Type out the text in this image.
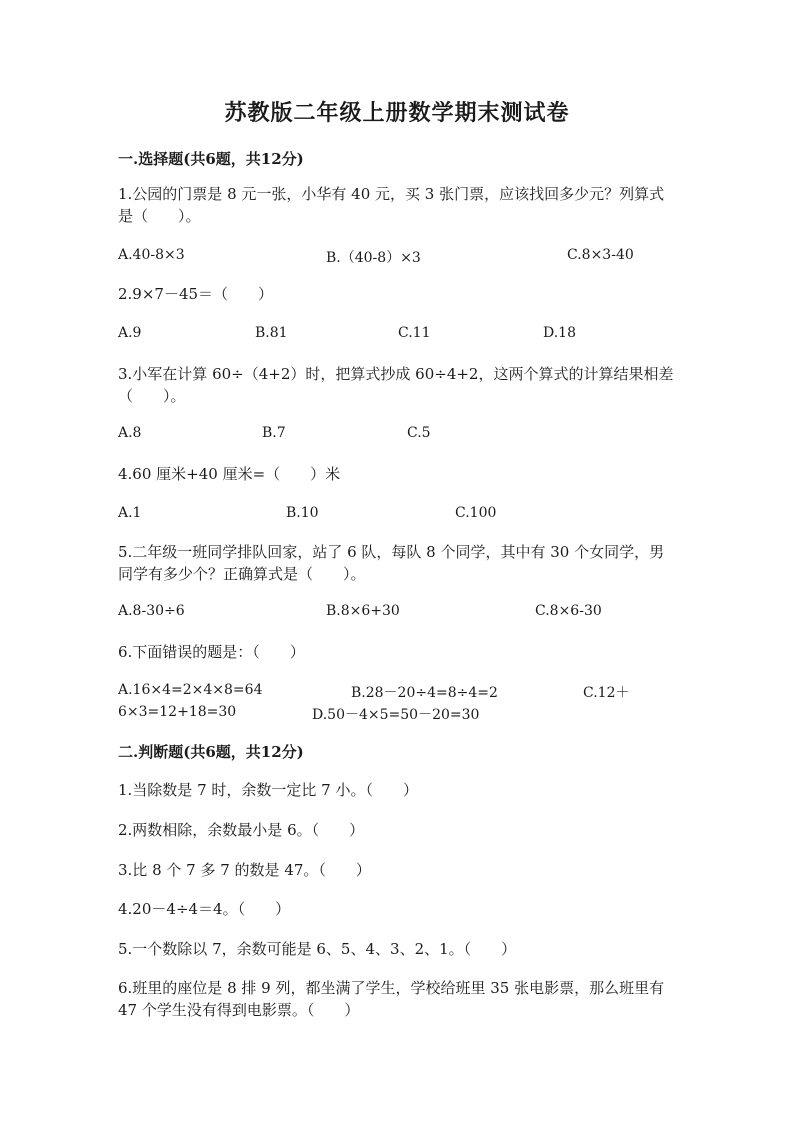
苏教版二年级上册数学期末测试卷
一.选择题(共6题，共12分)
1.公园的门票是 8 元一张，小华有 40 元，买 3 张门票，应该找回多少元？列算式是（　　）。
A.40-8×3	B.（40-8）×3	C.8×3-40
2.9×7－45＝（　　）
A.9	B.81	C.11	D.18
3.小军在计算 60÷（4+2）时，把算式抄成 60÷4+2，这两个算式的计算结果相差 （　　）。
A.8	B.7	C.5
4.60 厘米+40 厘米=（　　）米
A.1	B.10	C.100
5.二年级一班同学排队回家，站了 6 队，每队 8 个同学，其中有 30 个女同学，男同学有多少个？正确算式是（　　）。
A.8-30÷6	B.8×6+30	C.8×6-30
6.下面错误的题是：（　　）
A.16×4=2×4×8=64	B.28－20÷4=8÷4=2	C.12＋
6×3=12+18=30	D.50－4×5=50－20=30
二.判断题(共6题，共12分)
1.当除数是 7 时，余数一定比 7 小。（　　）
2.两数相除，余数最小是 6。（　　）
3.比 8 个 7 多 7 的数是 47。（　　）
4.20－4÷4＝4。（　　）
5.一个数除以 7，余数可能是 6、5、4、3、2、1。（　　）
6.班里的座位是 8 排 9 列，都坐满了学生，学校给班里 35 张电影票，那么班里有 47 个学生没有得到电影票。（　　）
